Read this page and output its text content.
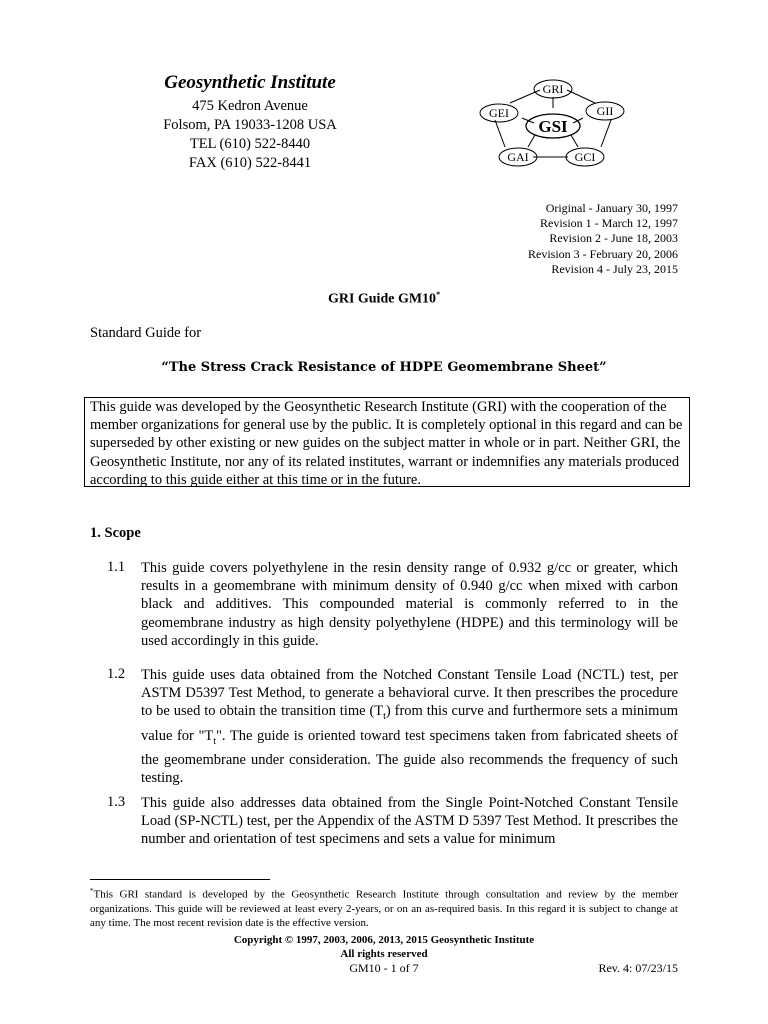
Geosynthetic Institute
475 Kedron Avenue
Folsom, PA 19033-1208 USA
TEL (610) 522-8440
FAX (610) 522-8441
GRI
GII
GCI
GAI
GEI
GSI
Original - January 30, 1997
Revision 1 - March 12, 1997
Revision 2 - June 18, 2003
Revision 3 - February 20, 2006
Revision 4 - July 23, 2015
GRI Guide GM10*
Standard Guide for
“The Stress Crack Resistance of HDPE Geomembrane Sheet”
This guide was developed by the Geosynthetic Research Institute (GRI) with the cooperation of the member organizations for general use by the public. It is completely optional in this regard and can be superseded by other existing or new guides on the subject matter in whole or in part. Neither GRI, the Geosynthetic Institute, nor any of its related institutes, warrant or indemnifies any materials produced according to this guide either at this time or in the future.
1. Scope
1.1 This guide covers polyethylene in the resin density range of 0.932 g/cc or greater, which results in a geomembrane with minimum density of 0.940 g/cc when mixed with carbon black and additives. This compounded material is commonly referred to in the geomembrane industry as high density polyethylene (HDPE) and this terminology will be used accordingly in this guide.
1.2 This guide uses data obtained from the Notched Constant Tensile Load (NCTL) test, per ASTM D5397 Test Method, to generate a behavioral curve. It then prescribes the procedure to be used to obtain the transition time $(T_t)$ from this curve and furthermore sets a minimum value for "$T_t$". The guide is oriented toward test specimens taken from fabricated sheets of the geomembrane under consideration. The guide also recommends the frequency of such testing.
1.3 This guide also addresses data obtained from the Single Point-Notched Constant Tensile Load (SP-NCTL) test, per the Appendix of the ASTM D 5397 Test Method. It prescribes the number and orientation of test specimens and sets a value for minimum
*This GRI standard is developed by the Geosynthetic Research Institute through consultation and review by the member organizations. This guide will be reviewed at least every 2-years, or on an as-required basis. In this regard it is subject to change at any time. The most recent revision date is the effective version.
Copyright © 1997, 2003, 2006, 2013, 2015 Geosynthetic Institute
All rights reserved
GM10 - 1 of 7	Rev. 4: 07/23/15
